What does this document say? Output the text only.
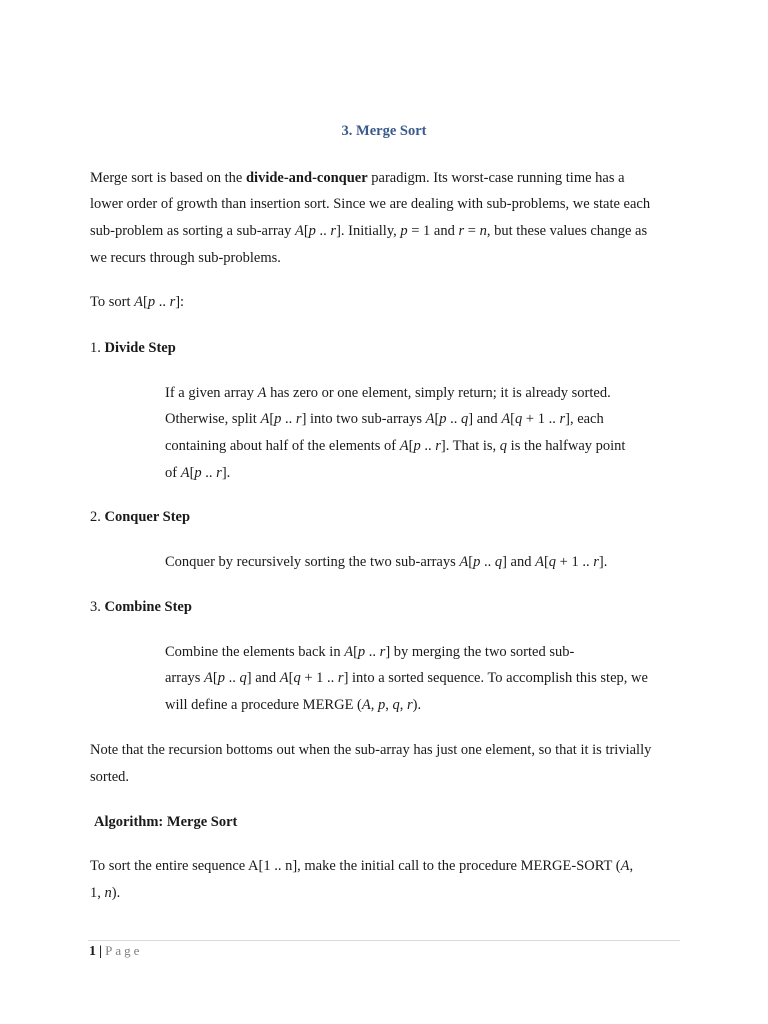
3. Merge Sort
Merge sort is based on the divide-and-conquer paradigm. Its worst-case running time has a
lower order of growth than insertion sort. Since we are dealing with sub-problems, we state each
sub-problem as sorting a sub-array A[p .. r]. Initially, p = 1 and r = n, but these values change as
we recurs through sub-problems.
To sort A[p .. r]:
1. Divide Step
If a given array A has zero or one element, simply return; it is already sorted.
Otherwise, split A[p .. r] into two sub-arrays A[p .. q] and A[q + 1 .. r], each
containing about half of the elements of A[p .. r]. That is, q is the halfway point
of A[p .. r].
2. Conquer Step
Conquer by recursively sorting the two sub-arrays A[p .. q] and A[q + 1 .. r].
3. Combine Step
Combine the elements back in A[p .. r] by merging the two sorted sub-
arrays A[p .. q] and A[q + 1 .. r] into a sorted sequence. To accomplish this step, we
will define a procedure MERGE (A, p, q, r).
Note that the recursion bottoms out when the sub-array has just one element, so that it is trivially
sorted.
Algorithm: Merge Sort
To sort the entire sequence A[1 .. n], make the initial call to the procedure MERGE-SORT (A,
1, n).
1 | Page
